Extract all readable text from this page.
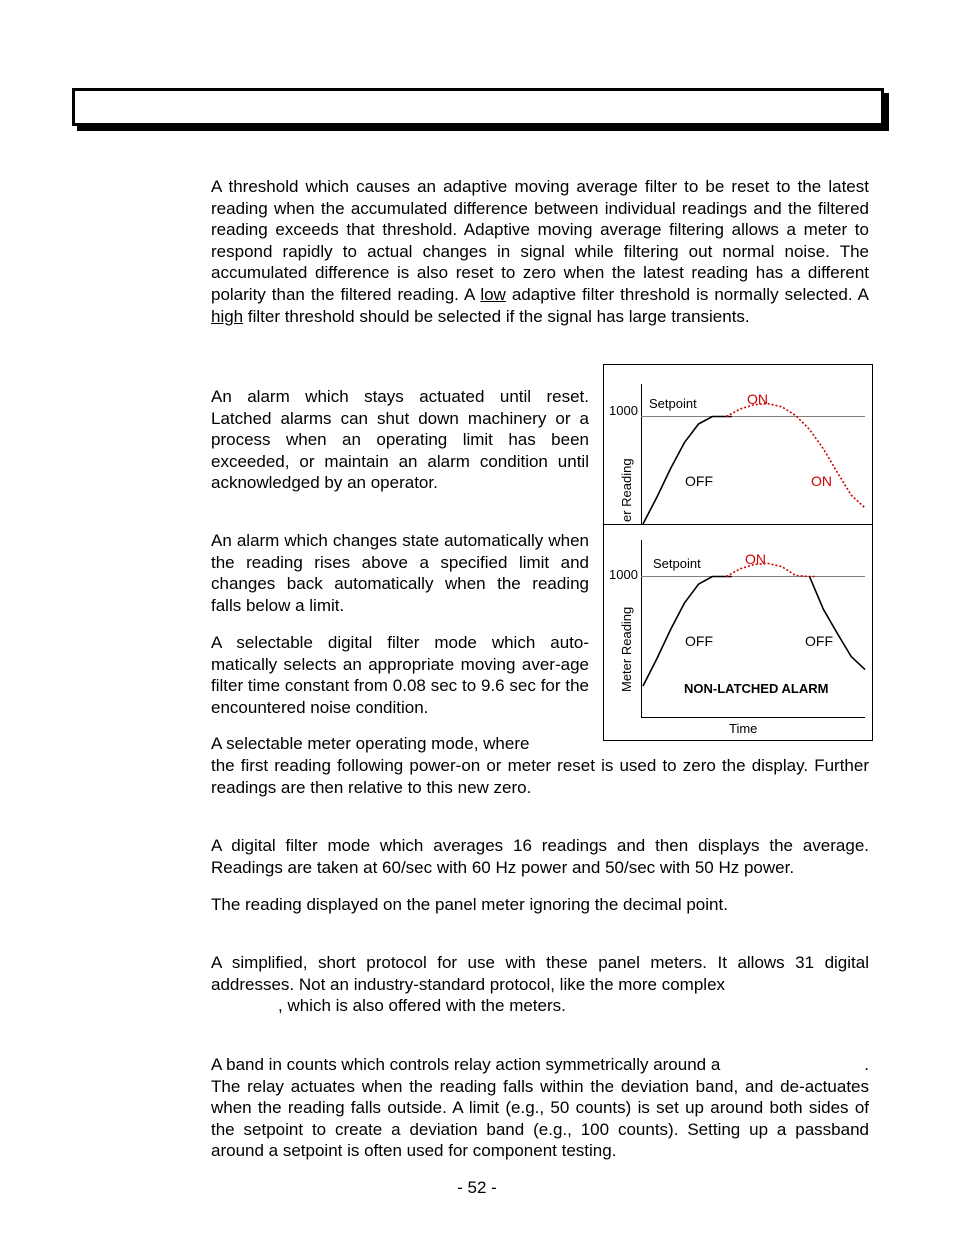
A threshold which causes an adaptive moving average filter to be reset to the latest reading when the accumulated difference between individual readings and the filtered reading exceeds that threshold. Adaptive moving average filtering allows a meter to respond rapidly to actual changes in signal while filtering out normal noise. The accumulated difference is also reset to zero when the latest reading has a different polarity than the filtered reading. A low adaptive filter threshold is normally selected. A high filter threshold should be selected if the signal has large transients.
An alarm which stays actuated until reset. Latched alarms can shut down machinery or a process when an operating limit has been exceeded, or maintain an alarm condition until acknowledged by an operator.
An alarm which changes state automatically when the reading rises above a specified limit and changes back automatically when the reading falls below a limit.
A selectable digital filter mode which auto-matically selects an appropriate moving aver-age filter time constant from 0.08 sec to 9.6 sec for the encountered noise condition.
A selectable meter operating mode, where
the first reading following power-on or meter reset is used to zero the display. Further readings are then relative to this new zero.
A digital filter mode which averages 16 readings and then displays the average. Readings are taken at 60/sec with 60 Hz power and 50/sec with 50 Hz power.
The reading displayed on the panel meter ignoring the decimal point.
A simplified, short protocol for use with these panel meters. It allows 31 digital addresses. Not an industry-standard protocol, like the more complex
, which is also offered with the meters.
A band in counts which controls relay action symmetrically around a	.
The relay actuates when the reading falls within the deviation band, and de-actuates when the reading falls outside. A limit (e.g., 50 counts) is set up around both sides of the setpoint to create a deviation band (e.g., 100 counts). Setting up a passband around a setpoint is often used for component testing.
1000 Setpoint	ON
OFF	ON
er Reading
1000
Setpoint	ON
OFF	OFF
NON-LATCHED ALARM
Time
Meter Reading
- 52 -
